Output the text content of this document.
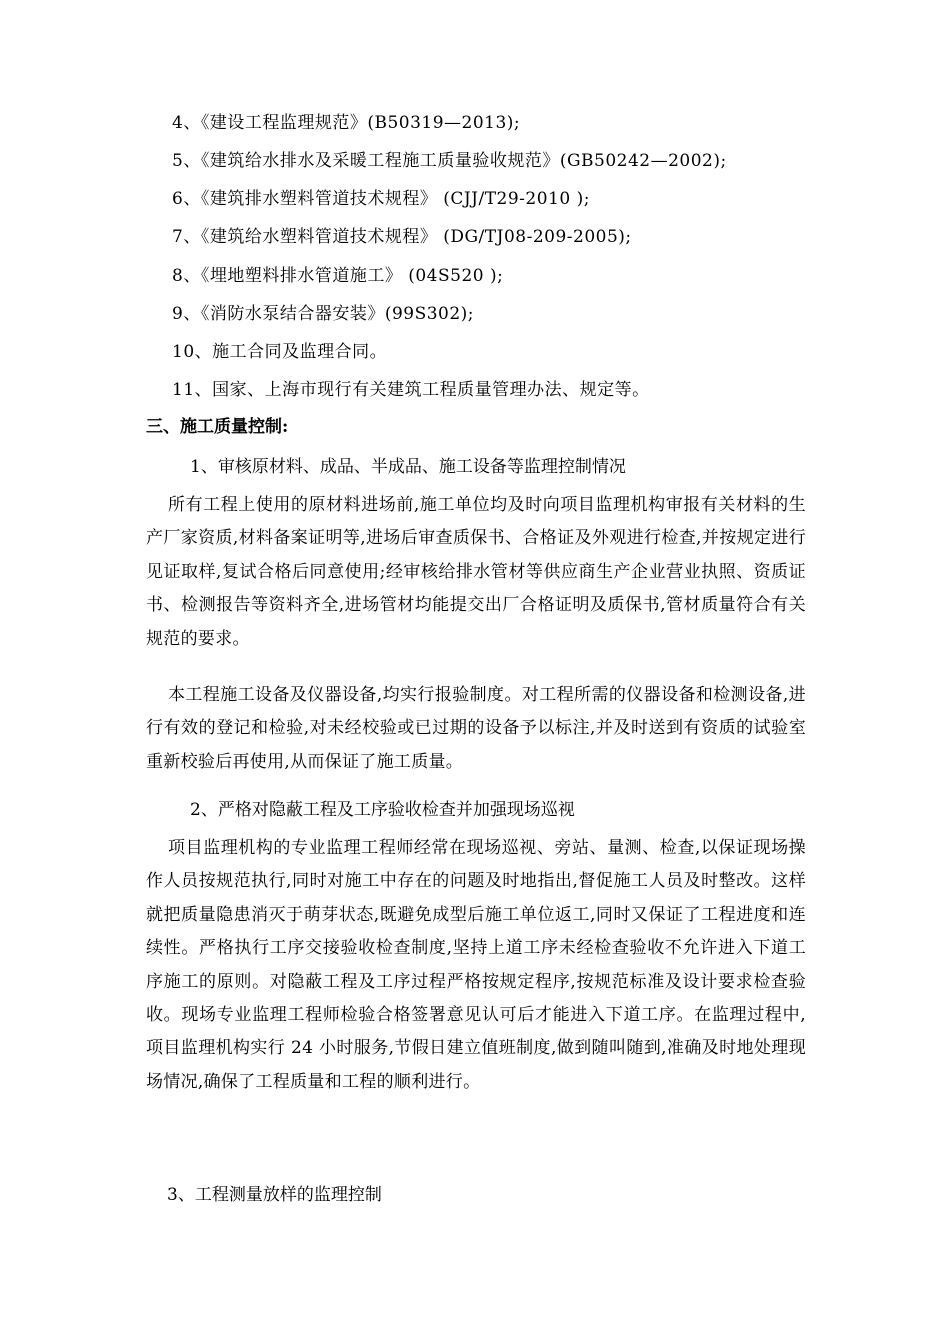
4、《建设工程监理规范》(B50319—2013);
5、《建筑给水排水及采暖工程施工质量验收规范》(GB50242—2002);
6、《建筑排水塑料管道技术规程》 (CJJ/T29-2010 );
7、《建筑给水塑料管道技术规程》 (DG/TJ08-209-2005);
8、《埋地塑料排水管道施工》 (04S520 );
9、《消防水泵结合器安装》(99S302);
10、施工合同及监理合同。
11、国家、上海市现行有关建筑工程质量管理办法、规定等。
三、施工质量控制:
1、审核原材料、成品、半成品、施工设备等监理控制情况
所有工程上使用的原材料进场前,施工单位均及时向项目监理机构审报有关材料的生产厂家资质,材料备案证明等,进场后审查质保书、合格证及外观进行检查,并按规定进行见证取样,复试合格后同意使用;经审核给排水管材等供应商生产企业营业执照、资质证书、检测报告等资料齐全,进场管材均能提交出厂合格证明及质保书,管材质量符合有关规范的要求。
本工程施工设备及仪器设备,均实行报验制度。对工程所需的仪器设备和检测设备,进行有效的登记和检验,对未经校验或已过期的设备予以标注,并及时送到有资质的试验室重新校验后再使用,从而保证了施工质量。
2、严格对隐蔽工程及工序验收检查并加强现场巡视
项目监理机构的专业监理工程师经常在现场巡视、旁站、量测、检查,以保证现场操作人员按规范执行,同时对施工中存在的问题及时地指出,督促施工人员及时整改。这样就把质量隐患消灭于萌芽状态,既避免成型后施工单位返工,同时又保证了工程进度和连续性。严格执行工序交接验收检查制度,坚持上道工序未经检查验收不允许进入下道工序施工的原则。对隐蔽工程及工序过程严格按规定程序,按规范标准及设计要求检查验收。现场专业监理工程师检验合格签署意见认可后才能进入下道工序。在监理过程中,项目监理机构实行 24 小时服务,节假日建立值班制度,做到随叫随到,准确及时地处理现场情况,确保了工程质量和工程的顺利进行。
3、工程测量放样的监理控制
